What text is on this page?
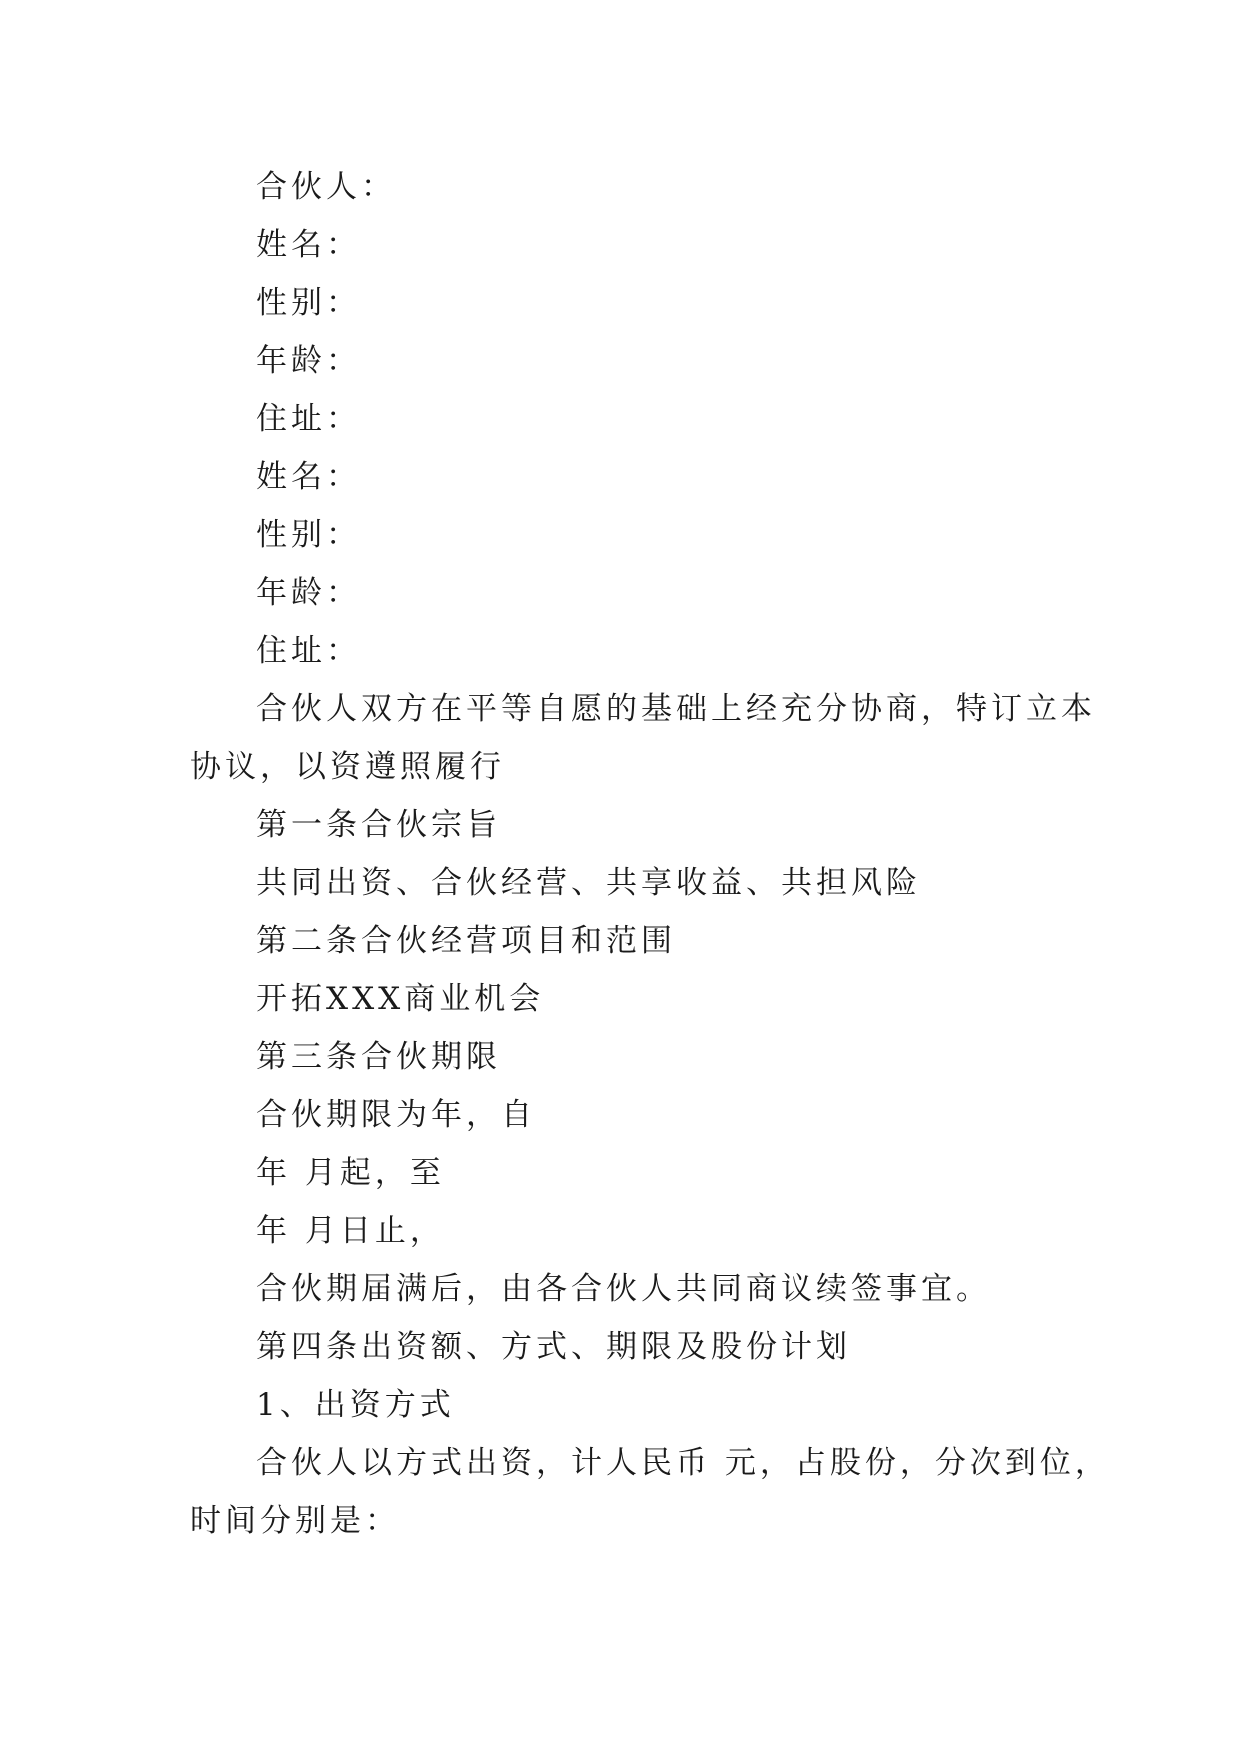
合伙人：

姓名：

性别：

年龄：

住址：

姓名：

性别：

年龄：

住址：

合伙人双方在平等自愿的基础上经充分协商，特订立本

协议，以资遵照履行

第一条合伙宗旨

共同出资、合伙经营、共享收益、共担风险

第二条合伙经营项目和范围

开拓XXX商业机会

第三条合伙期限

合伙期限为年，自

年 月起，至

年 月日止，

合伙期届满后，由各合伙人共同商议续签事宜。

第四条出资额、方式、期限及股份计划

1、出资方式

合伙人以方式出资，计人民币 元，占股份，分次到位，

时间分别是：
